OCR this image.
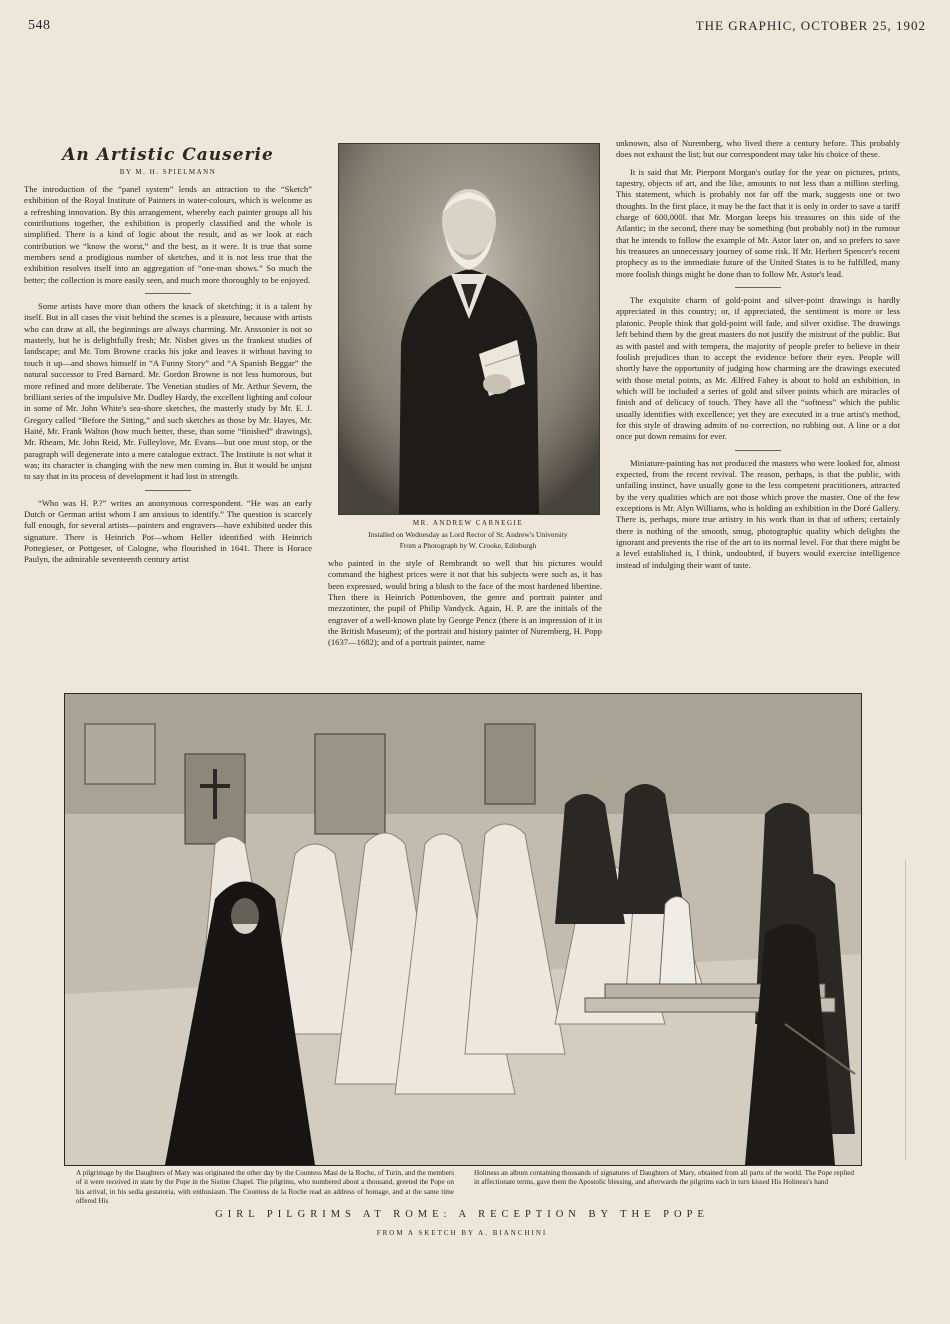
548	THE GRAPHIC, OCTOBER 25, 1902
An Artistic Causerie
BY M. H. SPIELMANN

The introduction of the “panel system” lends an attraction to the “Sketch” exhibition of the Royal Institute of Painters in water-colours, which is welcome as a refreshing innovation. By this arrangement, whereby each painter groups all his contributions together, the exhibition is properly classified and the whole is simplified. There is a kind of logic about the result, and as we look at each contribution we “know the worst,” and the best, as it were. It is true that some members send a prodigious number of sketches, and it is not less true that the exhibition resolves itself into an aggregation of “one-man shows.” So much the better; the collection is more easily seen, and much more thoroughly to be enjoyed.

Some artists have more than others the knack of sketching; it is a talent by itself. But in all cases the visit behind the scenes is a pleasure, because with artists who can draw at all, the beginnings are always charming. Mr. Anssonier is not so masterly, but he is delightfully fresh; Mr. Nisbet gives us the frankest studies of landscape; and Mr. Tom Browne cracks his joke and leaves it without having to touch it up—and shows himself in “A Funny Story” and “A Spanish Beggar” the natural successor to Fred Barnard. Mr. Gordon Browne is not less humorous, but more refined and more deliberate. The Venetian studies of Mr. Arthur Severn, the brilliant series of the impulsive Mr. Dudley Hardy, the excellent lighting and colour in some of Mr. John White's sea-shore sketches, the masterly study by Mr. E. J. Gregory called “Before the Sitting,” and such sketches as those by Mr. Hayes, Mr. Haité, Mr. Frank Walton (how much better, these, than some “finished” drawings), Mr. Rheam, Mr. John Reid, Mr. Fulleylove, Mr. Evans—but one must stop, or the paragraph will degenerate into a mere catalogue extract. The Institute is not what it was; its character is changing with the new men coming in. But it would be unjust to say that in its process of development it had lost in strength.

“Who was H. P.?” writes an anonymous correspondent. “He was an early Dutch or German artist whom I am anxious to identify.” The question is scarcely full enough, for several artists—painters and engravers—have exhibited under this signature. There is Heinrich Pot—whom Heller identified with Heinrich Pottegieser, or Pottgeser, of Cologne, who flourished in 1641. There is Horace Paulyn, the admirable seventeenth century artist

MR. ANDREW CARNEGIE
Installed on Wednesday as Lord Rector of St. Andrew's University
From a Photograph by W. Crooke, Edinburgh

who painted in the style of Rembrandt so well that his pictures would command the highest prices were it not that his subjects were such as, it has been expressed, would bring a blush to the face of the most hardened libertine. Then there is Heinrich Pottenboven, the genre and portrait painter and mezzotinter, the pupil of Philip Vandyck. Again, H. P. are the initials of the engraver of a well-known plate by George Pencz (there is an impression of it in the British Museum); of the portrait and history painter of Nuremberg, H. Popp (1637—1682); and of a portrait painter, name

unknown, also of Nuremberg, who lived there a century before. This probably does not exhaust the list; but our correspondent may take his choice of these.

It is said that Mr. Pierpont Morgan's outlay for the year on pictures, prints, tapestry, objects of art, and the like, amounts to not less than a million sterling. This statement, which is probably not far off the mark, suggests one or two thoughts. In the first place, it may be the fact that it is only in order to save a tariff charge of 600,000l. that Mr. Morgan keeps his treasures on this side of the Atlantic; in the second, there may be something (but probably not) in the rumour that he intends to follow the example of Mr. Astor later on, and so prefers to save his treasures an unnecessary journey of some risk. If Mr. Herbert Spencer's recent prophecy as to the immediate future of the United States is to be fulfilled, many more foolish things might be done than to follow Mr. Astor's lead.

The exquisite charm of gold-point and silver-point drawings is hardly appreciated in this country; or, if appreciated, the sentiment is more or less platonic. People think that gold-point will fade, and silver oxidise. The drawings left behind them by the great masters do not justify the mistrust of the public. But as with pastel and with tempera, the majority of people prefer to believe in their foolish prejudices than to accept the evidence before their eyes. People will shortly have the opportunity of judging how charming are the drawings executed with those metal points, as Mr. Ælfred Fahey is about to hold an exhibition, in which will be included a series of gold and silver points which are miracles of finish and of delicacy of touch. They have all the “softness” which the public usually identifies with excellence; yet they are executed in a true artist's method, for this style of drawing admits of no correction, no rubbing out. A line or a dot once put down remains for ever.

Miniature-painting has not produced the masters who were looked for, almost expected, from the recent revival. The reason, perhaps, is that the public, with unfailing instinct, have usually gone to the less competent practitioners, attracted by the very qualities which are not those which prove the master. One of the few exceptions is Mr. Alyn Williams, who is holding an exhibition in the Doré Gallery. There is, perhaps, more true artistry in his work than in that of others; certainly there is nothing of the smooth, smug, photographic quality which delights the ignorant and prevents the rise of the art to its normal level. For that there might be a level established is, I think, undoubted, if buyers would exercise intelligence instead of indulging their want of taste.

A pilgrimage by the Daughters of Mary was originated the other day by the Countess Masi de la Roche, of Turin, and the members of it were received in state by the Pope in the Sistine Chapel. The pilgrims, who numbered about a thousand, greeted the Pope on his arrival, in his sedia gestatoria, with enthusiasm. The Countess de la Roche read an address of homage, and at the same time offered His
Holiness an album containing thousands of signatures of Daughters of Mary, obtained from all parts of the world. The Pope replied in affectionate terms, gave them the Apostolic blessing, and afterwards the pilgrims each in turn kissed His Holiness's hand
GIRL PILGRIMS AT ROME: A RECEPTION BY THE POPE
FROM A SKETCH BY A. BIANCHINI
